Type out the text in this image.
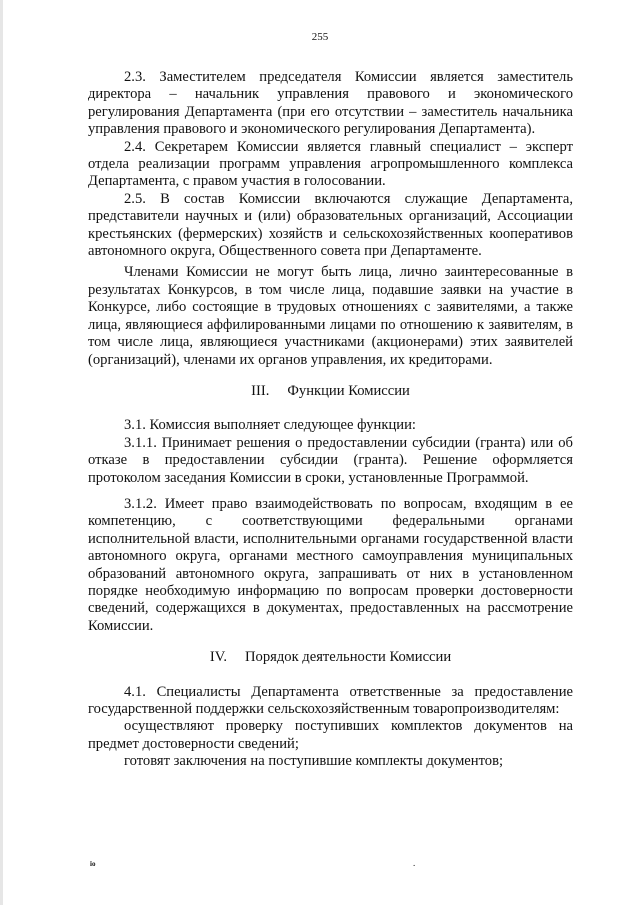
255

2.3. Заместителем председателя Комиссии является заместитель директора – начальник управления правового и экономического регулирования Департамента (при его отсутствии – заместитель начальника управления правового и экономического регулирования Департамента).

2.4. Секретарем Комиссии является главный специалист – эксперт отдела реализации программ управления агропромышленного комплекса Департамента, с правом участия в голосовании.

2.5. В состав Комиссии включаются служащие Департамента, представители научных и (или) образовательных организаций, Ассоциации крестьянских (фермерских) хозяйств и сельскохозяйственных кооперативов автономного округа, Общественного совета при Департаменте.

Членами Комиссии не могут быть лица, лично заинтересованные в результатах Конкурсов, в том числе лица, подавшие заявки на участие в Конкурсе, либо состоящие в трудовых отношениях с заявителями, а также лица, являющиеся аффилированными лицами по отношению к заявителям, в том числе лица, являющиеся участниками (акционерами) этих заявителей (организаций), членами их органов управления, их кредиторами.

III. Функции Комиссии

3.1. Комиссия выполняет следующее функции:

3.1.1. Принимает решения о предоставлении субсидии (гранта) или об отказе в предоставлении субсидии (гранта). Решение оформляется протоколом заседания Комиссии в сроки, установленные Программой.

3.1.2. Имеет право взаимодействовать по вопросам, входящим в ее компетенцию, с соответствующими федеральными органами исполнительной власти, исполнительными органами государственной власти автономного округа, органами местного самоуправления муниципальных образований автономного округа, запрашивать от них в установленном порядке необходимую информацию по вопросам проверки достоверности сведений, содержащихся в документах, предоставленных на рассмотрение Комиссии.

IV. Порядок деятельности Комиссии

4.1. Специалисты Департамента ответственные за предоставление государственной поддержки сельскохозяйственным товаропроизводителям:

осуществляют проверку поступивших комплектов документов на предмет достоверности сведений;

готовят заключения на поступившие комплекты документов;

io	.
